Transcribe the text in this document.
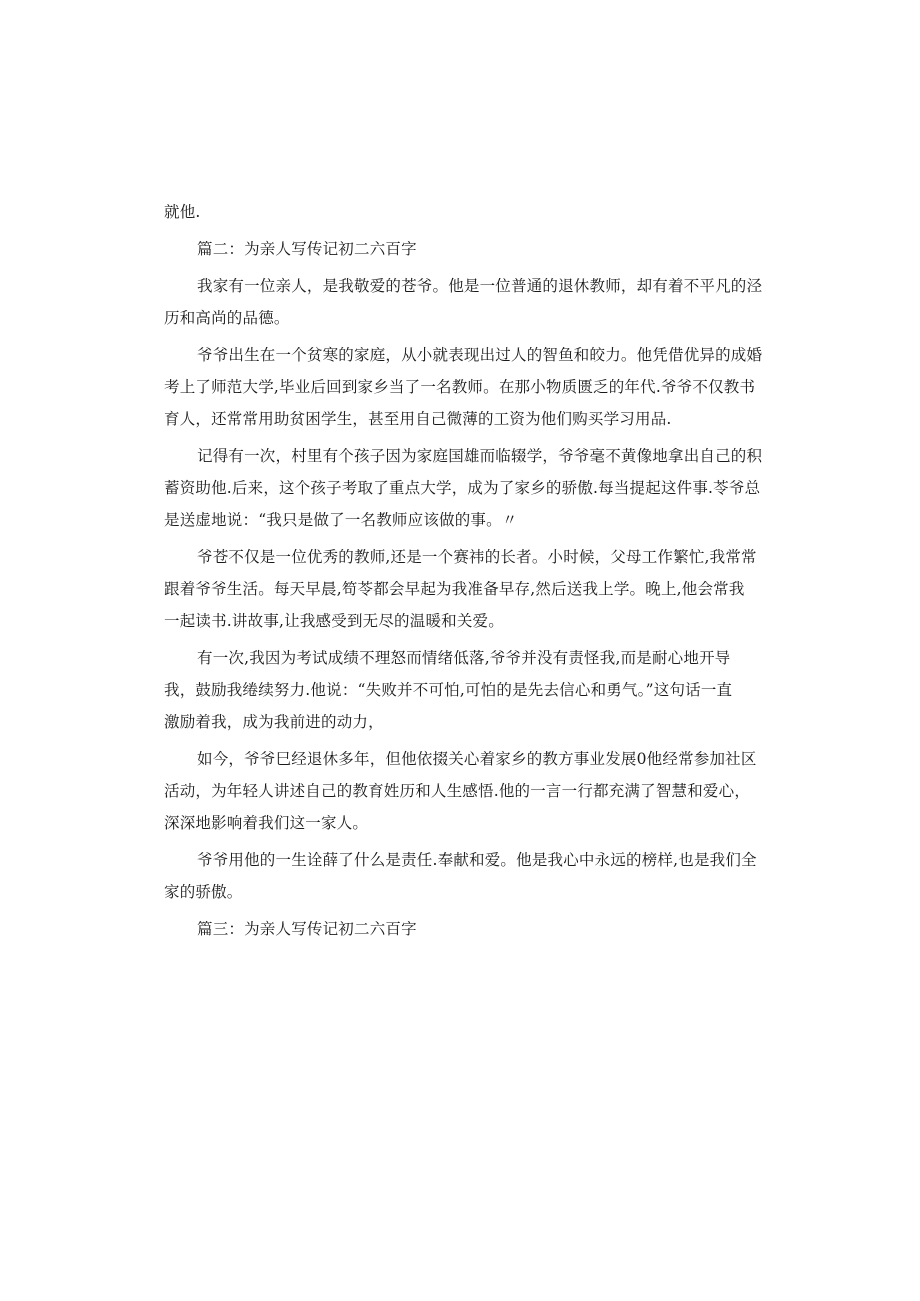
就他.
篇二：为亲人写传记初二六百字
我家有一位亲人，是我敬爱的苍爷。他是一位普通的退休教师，却有着不平凡的泾
历和高尚的品德。
爷爷出生在一个贫寒的家庭，从小就表现出过人的智鱼和皎力。他凭借优异的成婚
考上了师范大学,毕业后回到家乡当了一名教师。在那小物质匮乏的年代.爷爷不仅教书
育人，还常常用助贫困学生，甚至用自己微薄的工资为他们购买学习用品.
记得有一次，村里有个孩子因为家庭国雄而临辍学，爷爷毫不黄像地拿出自己的积
蓄资助他.后来，这个孩子考取了重点大学，成为了家乡的骄傲.每当提起这件事.苓爷总
是送虚地说：“我只是做了一名教师应该做的事。〃
爷苍不仅是一位优秀的教师,还是一个赛祎的长者。小时候，父母工作繁忙,我常常
跟着爷爷生活。每天早晨,笱苓都会早起为我准备早存,然后送我上学。晚上,他会常我
一起读书.讲故事,让我感受到无尽的温暖和关爱。
有一次,我因为考试成绩不理怒而情绪低落,爷爷并没有责怪我,而是耐心地开导
我，鼓励我绻续努力.他说：“失败并不可怕,可怕的是先去信心和勇气。”这句话一直
激励着我，成为我前进的动力，
如今，爷爷巳经退休多年，但他依掇关心着家乡的教方事业发展0他经常参加社区
活动，为年轻人讲述自己的教育姓历和人生感悟.他的一言一行都充满了智慧和爱心，
深深地影响着我们这一家人。
爷爷用他的一生诠薛了什么是责任.奉献和爱。他是我心中永远的榜样,也是我们全
家的骄傲。
篇三：为亲人写传记初二六百字
